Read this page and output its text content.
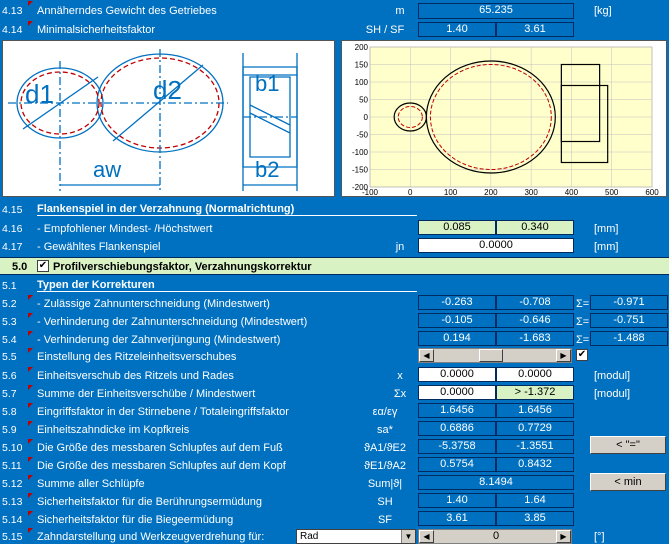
4.13	Annäherndes Gewicht des Getriebes	m	65.235	[kg]
4.14	Minimalsicherheitsfaktor	SH / SF	1.40	3.61
d1	d2
aw
b1
b2
-100	0	100	200	300	400	500	600
200
150
100
50
0
-50
-100
-150
-200
4.15	Flankenspiel in der Verzahnung (Normalrichtung)
4.16	- Empfohlener Mindest- /Höchstwert	0.085	0.340	[mm]
4.17	- Gewähltes Flankenspiel	jn	0.0000	[mm]
5.0 ✔ Profilverschiebungsfaktor, Verzahnungskorrektur
5.1	Typen der Korrekturen
5.2	- Zulässige Zahnunterschneidung (Mindestwert)	-0.263	-0.708	Σ=	-0.971
5.3	- Verhinderung der Zahnunterschneidung (Mindestwert)	-0.105	-0.646	Σ=	-0.751
5.4	- Verhinderung der Zahnverjüngung (Mindestwert)	0.194	-1.683	Σ=	-1.488
5.5	Einstellung des Ritzeleinheitsverschubes	◀	▶	✔
5.6	Einheitsverschub des Ritzels und Rades	x	0.0000	0.0000	[modul]
5.7	Summe der Einheitsverschübe / Mindestwert	Σx	0.0000	> -1.372	[modul]
5.8	Eingriffsfaktor in der Stirnebene / Totaleingriffsfaktor	εα/εγ	1.6456	1.6456
5.9	Einheitszahndicke im Kopfkreis	sa*	0.6886	0.7729
5.10	Die Größe des messbaren Schlupfes auf dem Fuß	ϑA1/ϑE2	-5.3758	-1.3551
5.11	Die Größe des messbaren Schlupfes auf dem Kopf	ϑE1/ϑA2	0.5754	0.8432
5.12	Summe aller Schlüpfe	Sum|ϑ|	8.1494
5.13	Sicherheitsfaktor für die Berührungsermüdung	SH	1.40	1.64
5.14	Sicherheitsfaktor für die Biegeermüdung	SF	3.61	3.85
5.15	Zahndarstellung und Werkzeugverdrehung für:	Rad	▼	◀	0	▶	[°]
< "="
< min
